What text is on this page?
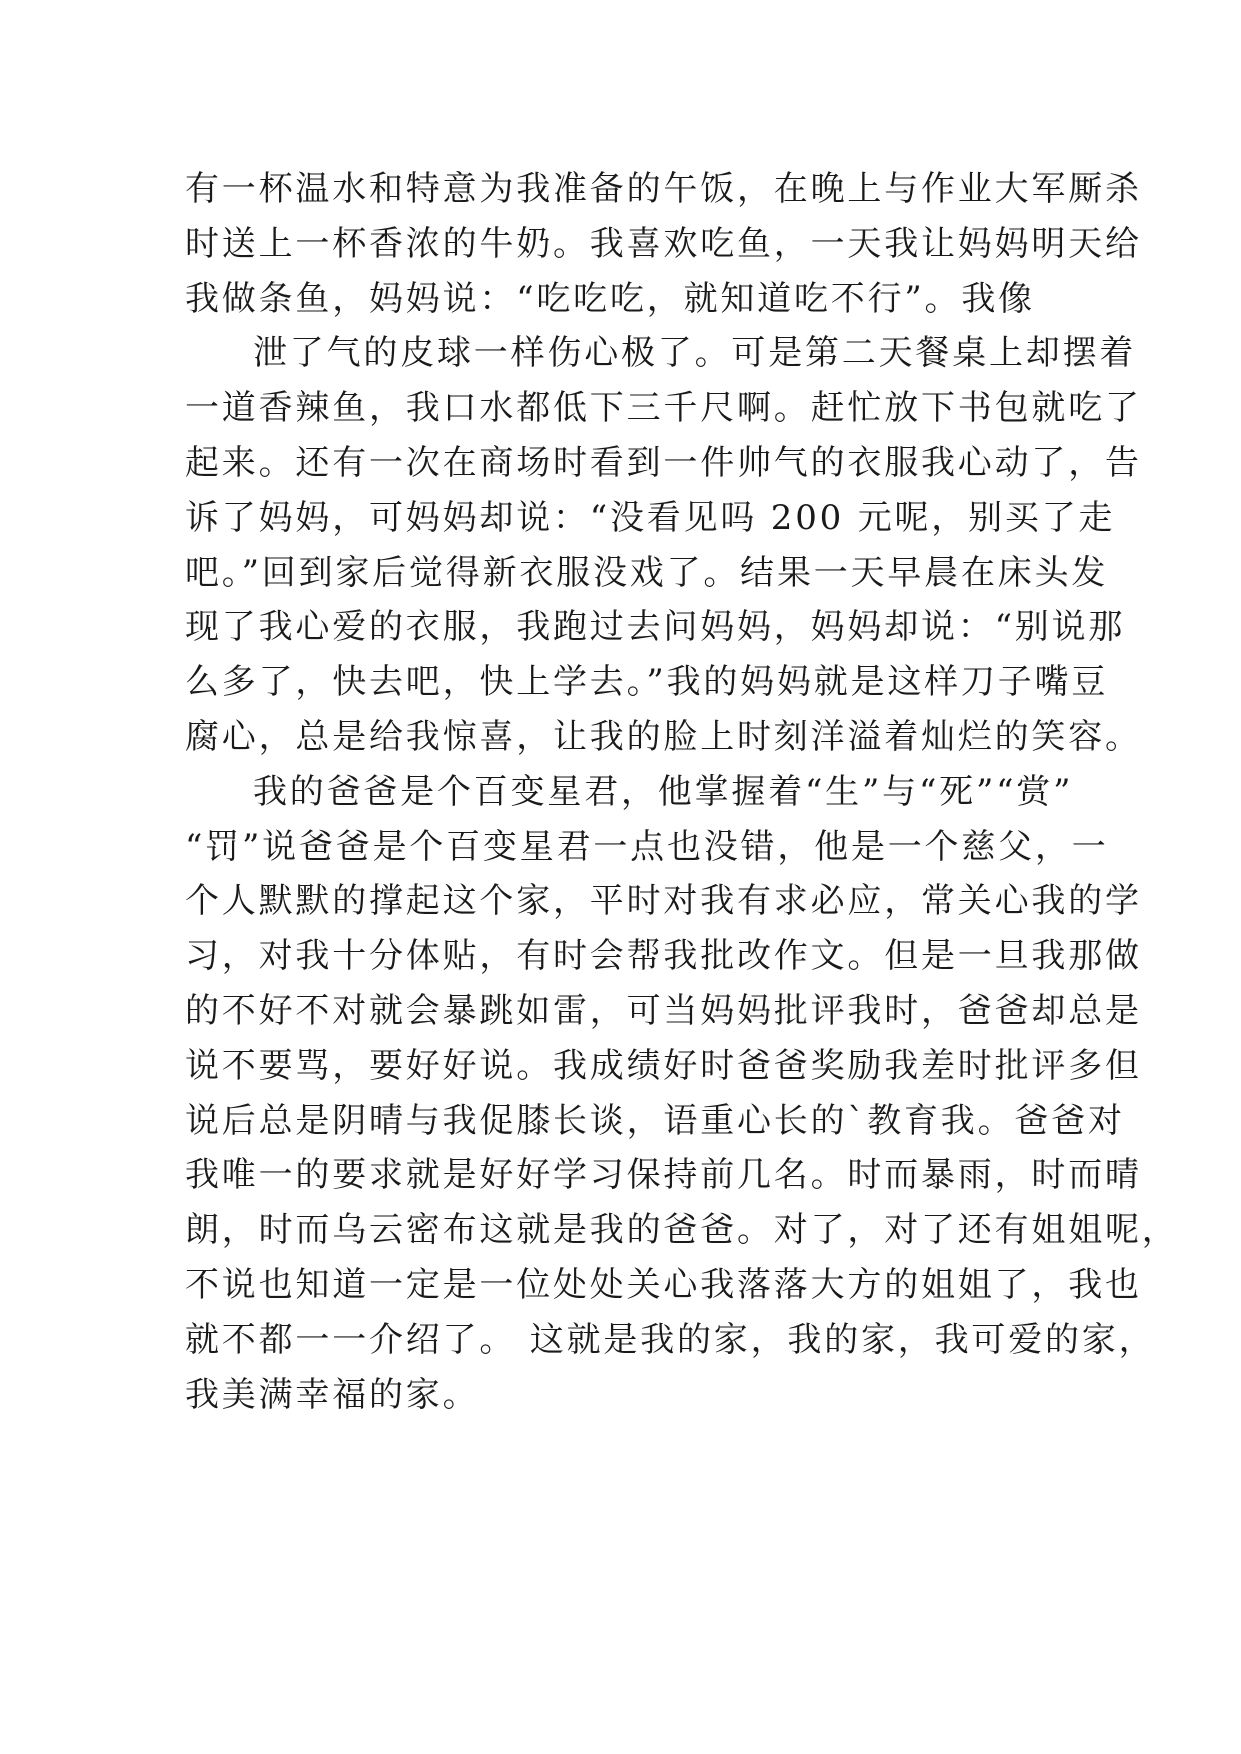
有一杯温水和特意为我准备的午饭，在晚上与作业大军厮杀

时送上一杯香浓的牛奶。我喜欢吃鱼，一天我让妈妈明天给

我做条鱼，妈妈说：“吃吃吃，就知道吃不行”。我像

泄了气的皮球一样伤心极了。可是第二天餐桌上却摆着

一道香辣鱼，我口水都低下三千尺啊。赶忙放下书包就吃了

起来。还有一次在商场时看到一件帅气的衣服我心动了，告

诉了妈妈，可妈妈却说：“没看见吗 200 元呢，别买了走

吧。”回到家后觉得新衣服没戏了。结果一天早晨在床头发

现了我心爱的衣服，我跑过去问妈妈，妈妈却说：“别说那

么多了，快去吧，快上学去。”我的妈妈就是这样刀子嘴豆

腐心，总是给我惊喜，让我的脸上时刻洋溢着灿烂的笑容。

我的爸爸是个百变星君，他掌握着“生”与“死”“赏”

“罚”说爸爸是个百变星君一点也没错，他是一个慈父，一

个人默默的撑起这个家，平时对我有求必应，常关心我的学

习，对我十分体贴，有时会帮我批改作文。但是一旦我那做

的不好不对就会暴跳如雷，可当妈妈批评我时，爸爸却总是

说不要骂，要好好说。我成绩好时爸爸奖励我差时批评多但

说后总是阴晴与我促膝长谈，语重心长的`教育我。爸爸对

我唯一的要求就是好好学习保持前几名。时而暴雨，时而晴

朗，时而乌云密布这就是我的爸爸。对了，对了还有姐姐呢，

不说也知道一定是一位处处关心我落落大方的姐姐了，我也

就不都一一介绍了。 这就是我的家，我的家，我可爱的家，

我美满幸福的家。
